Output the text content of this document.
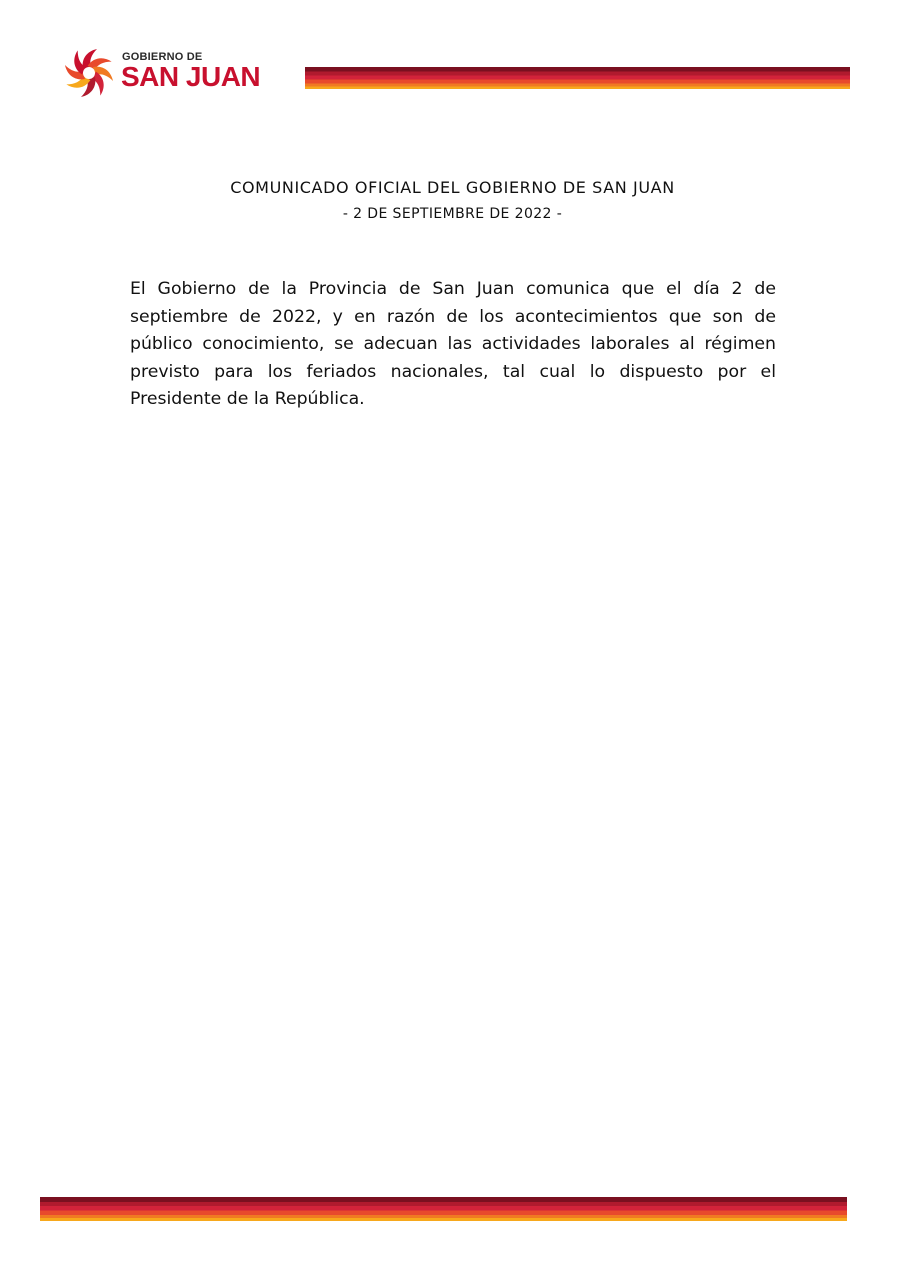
GOBIERNO DE
SAN JUAN
COMUNICADO OFICIAL DEL GOBIERNO DE SAN JUAN
- 2 DE SEPTIEMBRE DE 2022 -
El Gobierno de la Provincia de San Juan comunica que el día 2 de septiembre de 2022, y en razón de los acontecimientos que son de público conocimiento, se adecuan las actividades laborales al régimen previsto para los feriados nacionales, tal cual lo dispuesto por el Presidente de la República.
